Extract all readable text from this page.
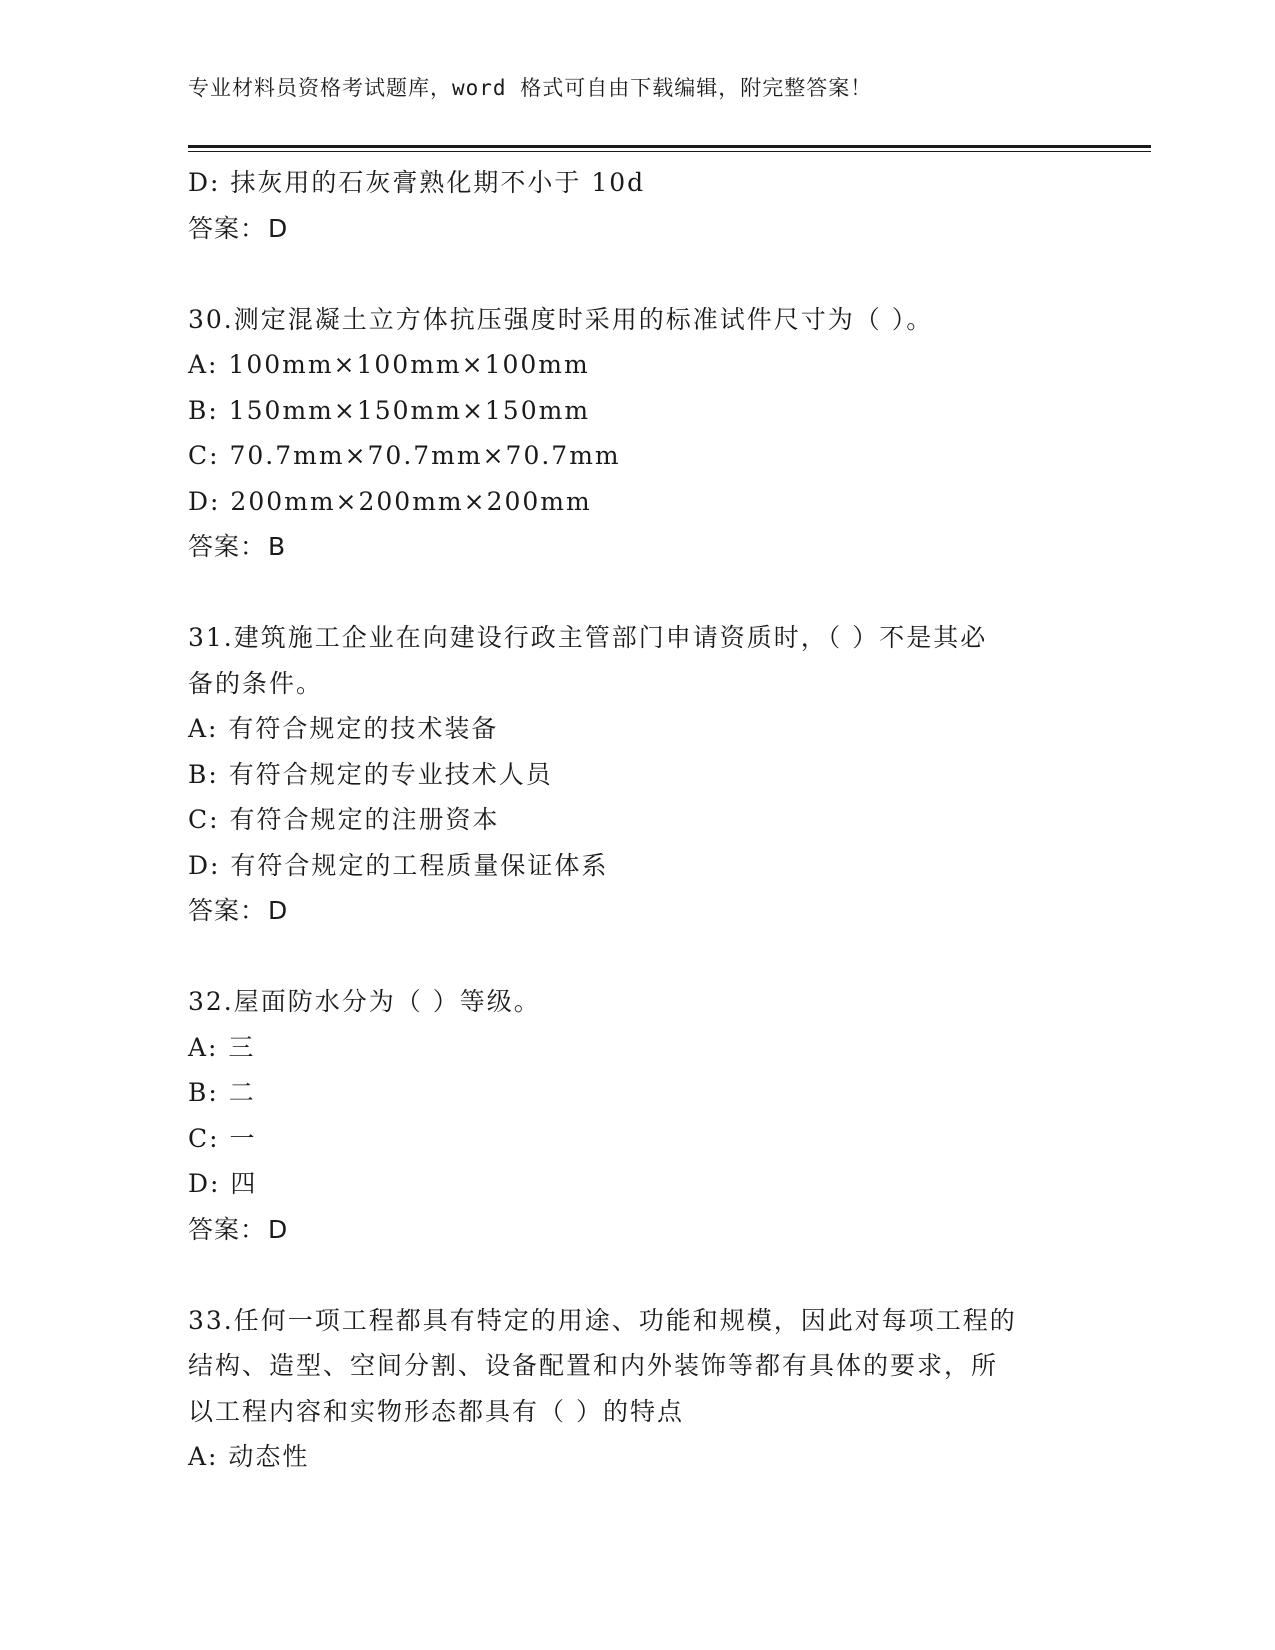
专业材料员资格考试题库，word 格式可自由下载编辑，附完整答案！
D: 抹灰用的石灰膏熟化期不小于 10d
答案：D
30.测定混凝土立方体抗压强度时采用的标准试件尺寸为（ ）。
A: 100mm×100mm×100mm
B: 150mm×150mm×150mm
C: 70.7mm×70.7mm×70.7mm
D: 200mm×200mm×200mm
答案：B
31.建筑施工企业在向建设行政主管部门申请资质时，（ ）不是其必
备的条件。
A: 有符合规定的技术装备
B: 有符合规定的专业技术人员
C: 有符合规定的注册资本
D: 有符合规定的工程质量保证体系
答案：D
32.屋面防水分为（ ）等级。
A: 三
B: 二
C: 一
D: 四
答案：D
33.任何一项工程都具有特定的用途、功能和规模，因此对每项工程的
结构、造型、空间分割、设备配置和内外装饰等都有具体的要求，所
以工程内容和实物形态都具有（ ）的特点
A: 动态性
